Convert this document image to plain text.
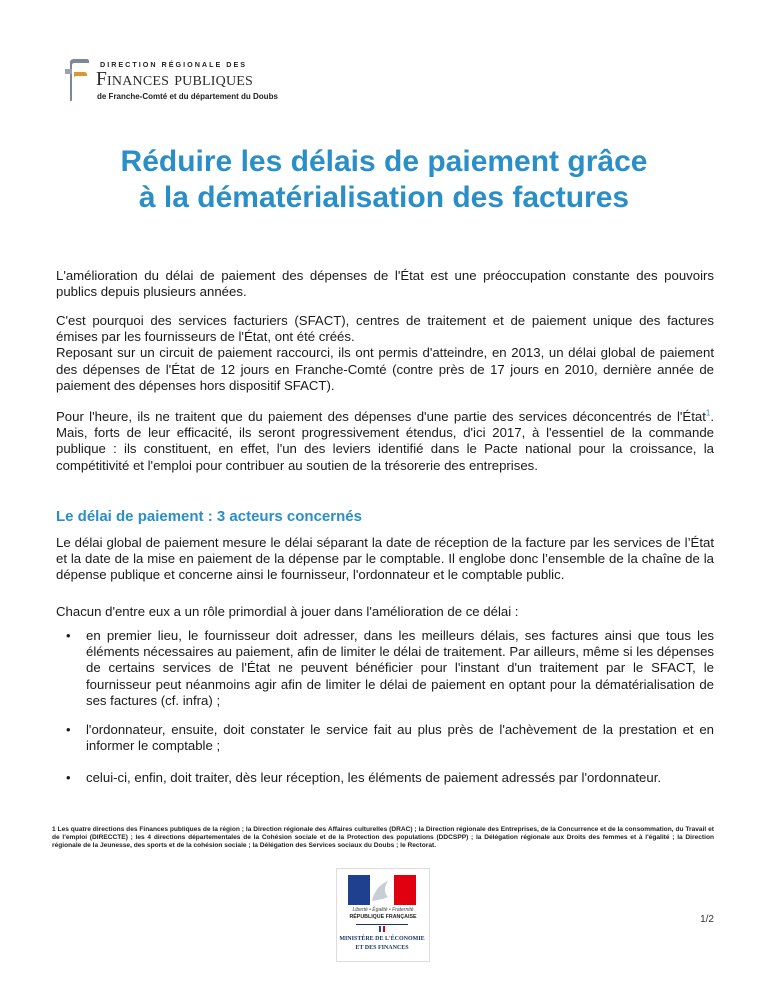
DIRECTION RÉGIONALE DES
Finances publiques
de Franche-Comté et du département du Doubs
Réduire les délais de paiement grâce
à la dématérialisation des factures

L'amélioration du délai de paiement des dépenses de l'État est une préoccupation constante des pouvoirs publics depuis plusieurs années.

C'est pourquoi des services facturiers (SFACT), centres de traitement et de paiement unique des factures émises par les fournisseurs de l'État, ont été créés.
Reposant sur un circuit de paiement raccourci, ils ont permis d'atteindre, en 2013, un délai global de paiement des dépenses de l'État de 12 jours en Franche-Comté (contre près de 17 jours en 2010, dernière année de paiement des dépenses hors dispositif SFACT).

Pour l'heure, ils ne traitent que du paiement des dépenses d'une partie des services déconcentrés de l'État$^1$. Mais, forts de leur efficacité, ils seront progressivement étendus, d'ici 2017, à l'essentiel de la commande publique : ils constituent, en effet, l'un des leviers identifié dans le Pacte national pour la croissance, la compétitivité et l'emploi pour contribuer au soutien de la trésorerie des entreprises.

Le délai de paiement : 3 acteurs concernés

Le délai global de paiement mesure le délai séparant la date de réception de la facture par les services de l’État et la date de la mise en paiement de la dépense par le comptable. Il englobe donc l’ensemble de la chaîne de la dépense publique et concerne ainsi le fournisseur, l'ordonnateur et le comptable public.

Chacun d'entre eux a un rôle primordial à jouer dans l'amélioration de ce délai :

• en premier lieu, le fournisseur doit adresser, dans les meilleurs délais, ses factures ainsi que tous les éléments nécessaires au paiement, afin de limiter le délai de traitement. Par ailleurs, même si les dépenses de certains services de l'État ne peuvent bénéficier pour l'instant d'un traitement par le SFACT, le fournisseur peut néanmoins agir afin de limiter le délai de paiement en optant pour la dématérialisation de ses factures (cf. infra) ;

• l'ordonnateur, ensuite, doit constater le service fait au plus près de l'achèvement de la prestation et en informer le comptable ;

• celui-ci, enfin, doit traiter, dès leur réception, les éléments de paiement adressés par l'ordonnateur.

1 Les quatre directions des Finances publiques de la région ; la Direction régionale des Affaires culturelles (DRAC) ; la Direction régionale des Entreprises, de la Concurrence et de la consommation, du Travail et de l'emploi (DIRECCTE) ; les 4 directions départementales de la Cohésion sociale et de la Protection des populations (DDCSPP) ; la Délégation régionale aux Droits des femmes et à l'égalité ; la Direction régionale de la Jeunesse, des sports et de la cohésion sociale ; la Délégation des Services sociaux du Doubs ; le Rectorat.

Liberté • Égalité • Fraternité
RÉPUBLIQUE FRANÇAISE
MINISTÈRE DE L'ÉCONOMIE
ET DES FINANCES
1/2
